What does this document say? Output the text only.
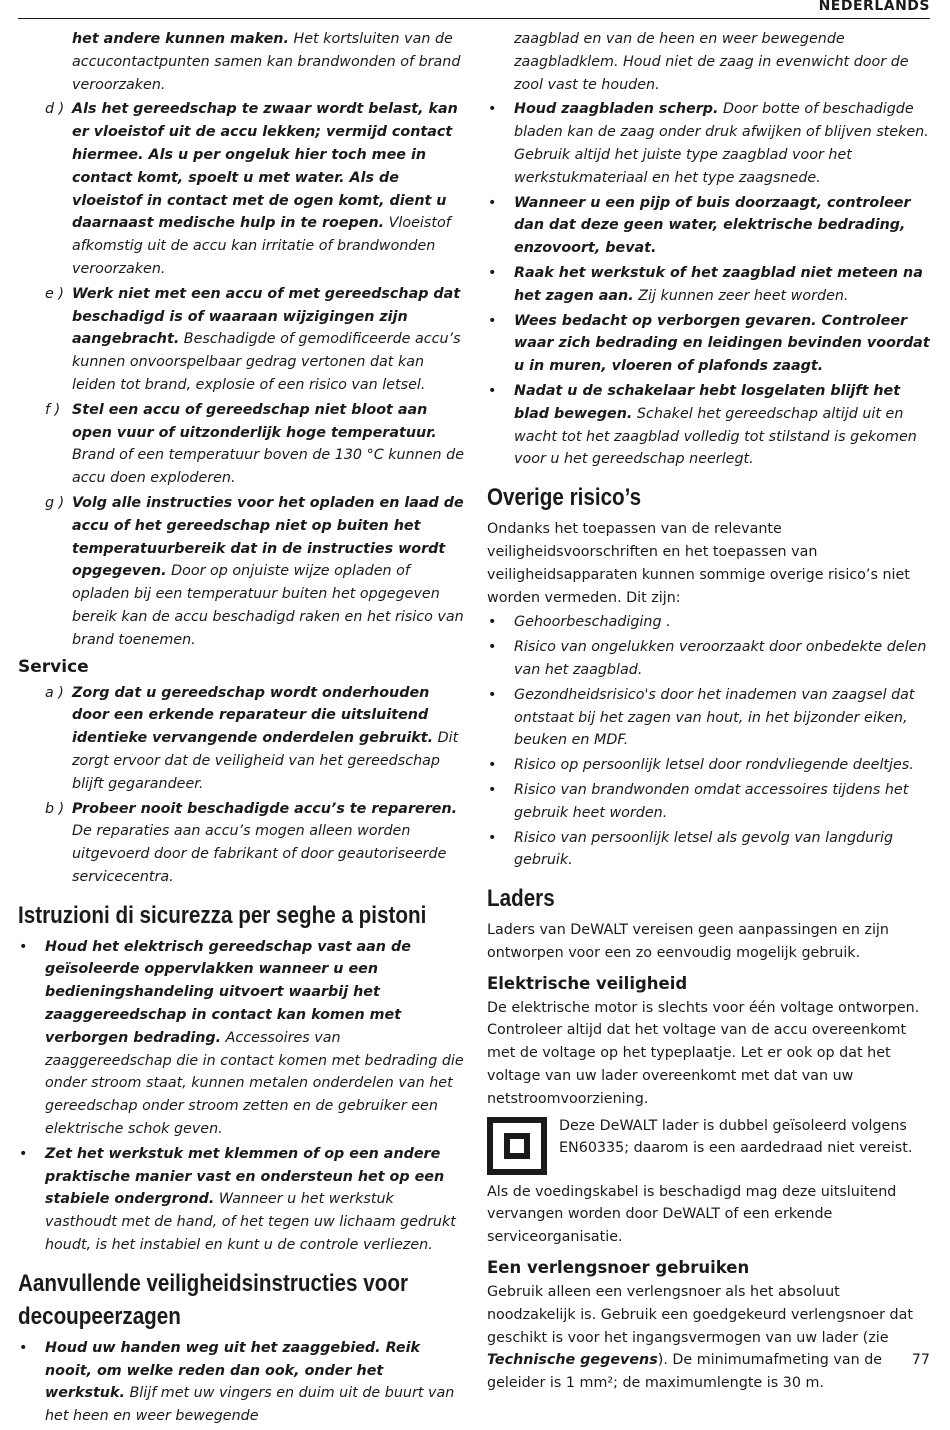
NEDERLANDS
het andere kunnen maken. Het kortsluiten van de accucontactpunten samen kan brandwonden of brand veroorzaken.
d ) Als het gereedschap te zwaar wordt belast, kan er vloeistof uit de accu lekken; vermijd contact hiermee. Als u per ongeluk hier toch mee in contact komt, spoelt u met water. Als de vloeistof in contact met de ogen komt, dient u daarnaast medische hulp in te roepen. Vloeistof afkomstig uit de accu kan irritatie of brandwonden veroorzaken.
e ) Werk niet met een accu of met gereedschap dat beschadigd is of waaraan wijzigingen zijn aangebracht. Beschadigde of gemodificeerde accu’s kunnen onvoorspelbaar gedrag vertonen dat kan leiden tot brand, explosie of een risico van letsel.
f ) Stel een accu of gereedschap niet bloot aan open vuur of uitzonderlijk hoge temperatuur. Brand of een temperatuur boven de 130 °C kunnen de accu doen exploderen.
g ) Volg alle instructies voor het opladen en laad de accu of het gereedschap niet op buiten het temperatuurbereik dat in de instructies wordt opgegeven. Door op onjuiste wijze opladen of opladen bij een temperatuur buiten het opgegeven bereik kan de accu beschadigd raken en het risico van brand toenemen.
Service
a ) Zorg dat u gereedschap wordt onderhouden door een erkende reparateur die uitsluitend identieke vervangende onderdelen gebruikt. Dit zorgt ervoor dat de veiligheid van het gereedschap blijft gegarandeer.
b ) Probeer nooit beschadigde accu’s te repareren. De reparaties aan accu’s mogen alleen worden uitgevoerd door de fabrikant of door geautoriseerde servicecentra.
Istruzioni di sicurezza per seghe a pistoni
• Houd het elektrisch gereedschap vast aan de geïsoleerde oppervlakken wanneer u een bedieningshandeling uitvoert waarbij het zaaggereedschap in contact kan komen met verborgen bedrading. Accessoires van zaaggereedschap die in contact komen met bedrading die onder stroom staat, kunnen metalen onderdelen van het gereedschap onder stroom zetten en de gebruiker een elektrische schok geven.
• Zet het werkstuk met klemmen of op een andere praktische manier vast en ondersteun het op een stabiele ondergrond. Wanneer u het werkstuk vasthoudt met de hand, of het tegen uw lichaam gedrukt houdt, is het instabiel en kunt u de controle verliezen.
Aanvullende veiligheidsinstructies voor decoupeerzagen
• Houd uw handen weg uit het zaaggebied. Reik nooit, om welke reden dan ook, onder het werkstuk. Blijf met uw vingers en duim uit de buurt van het heen en weer bewegende
zaagblad en van de heen en weer bewegende zaagbladklem. Houd niet de zaag in evenwicht door de zool vast te houden.
• Houd zaagbladen scherp. Door botte of beschadigde bladen kan de zaag onder druk afwijken of blijven steken. Gebruik altijd het juiste type zaagblad voor het werkstukmateriaal en het type zaagsnede.
• Wanneer u een pijp of buis doorzaagt, controleer dan dat deze geen water, elektrische bedrading, enzovoort, bevat.
• Raak het werkstuk of het zaagblad niet meteen na het zagen aan. Zij kunnen zeer heet worden.
• Wees bedacht op verborgen gevaren. Controleer waar zich bedrading en leidingen bevinden voordat u in muren, vloeren of plafonds zaagt.
• Nadat u de schakelaar hebt losgelaten blijft het blad bewegen. Schakel het gereedschap altijd uit en wacht tot het zaagblad volledig tot stilstand is gekomen voor u het gereedschap neerlegt.
Overige risico’s

Ondanks het toepassen van de relevante veiligheidsvoorschriften en het toepassen van veiligheidsapparaten kunnen sommige overige risico’s niet worden vermeden. Dit zijn:

• Gehoorbeschadiging .
• Risico van ongelukken veroorzaakt door onbedekte delen van het zaagblad.
• Gezondheidsrisico's door het inademen van zaagsel dat ontstaat bij het zagen van hout, in het bijzonder eiken, beuken en MDF.
• Risico op persoonlijk letsel door rondvliegende deeltjes.
• Risico van brandwonden omdat accessoires tijdens het gebruik heet worden.
• Risico van persoonlijk letsel als gevolg van langdurig gebruik.
Laders

Laders van DeWALT vereisen geen aanpassingen en zijn ontworpen voor een zo eenvoudig mogelijk gebruik.

Elektrische veiligheid

De elektrische motor is slechts voor één voltage ontworpen. Controleer altijd dat het voltage van de accu overeenkomt met de voltage op het typeplaatje. Let er ook op dat het voltage van uw lader overeenkomt met dat van uw netstroomvoorziening.

Deze DeWALT lader is dubbel geïsoleerd volgens EN60335; daarom is een aardedraad niet vereist.

Als de voedingskabel is beschadigd mag deze uitsluitend vervangen worden door DeWALT of een erkende serviceorganisatie.

Een verlengsnoer gebruiken

Gebruik alleen een verlengsnoer als het absoluut noodzakelijk is. Gebruik een goedgekeurd verlengsnoer dat geschikt is voor het ingangsvermogen van uw lader (zie Technische gegevens). De minimumafmeting van de geleider is 1 mm²; de maximumlengte is 30 m.

77
